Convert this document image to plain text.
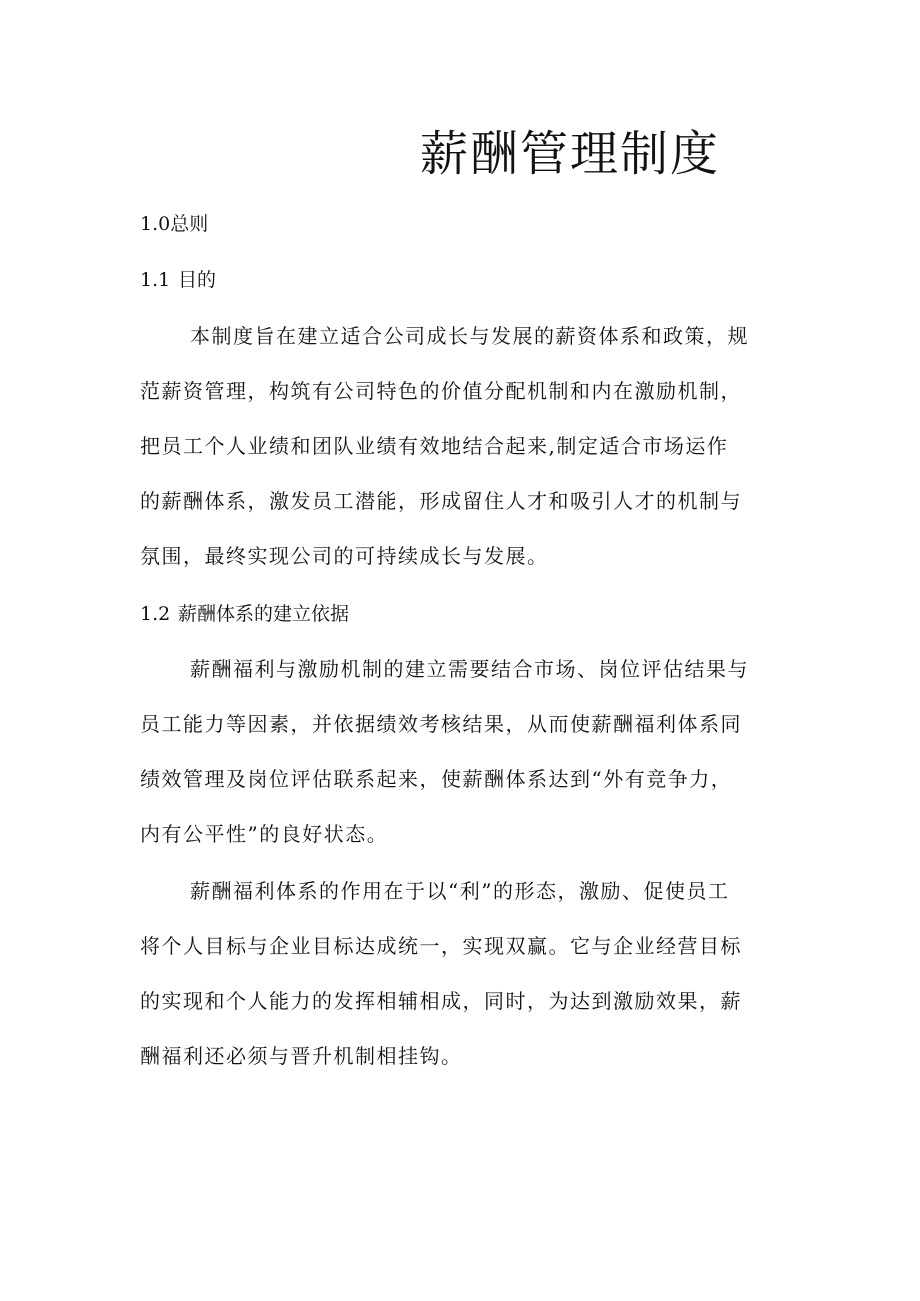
薪酬管理制度
1.0总则
1.1 目的
本制度旨在建立适合公司成长与发展的薪资体系和政策，规
范薪资管理，构筑有公司特色的价值分配机制和内在激励机制，
把员工个人业绩和团队业绩有效地结合起来,制定适合市场运作
的薪酬体系，激发员工潜能，形成留住人才和吸引人才的机制与
氛围，最终实现公司的可持续成长与发展。
1.2 薪酬体系的建立依据
薪酬福利与激励机制的建立需要结合市场、岗位评估结果与
员工能力等因素，并依据绩效考核结果，从而使薪酬福利体系同
绩效管理及岗位评估联系起来，使薪酬体系达到“外有竞争力，
内有公平性”的良好状态。
薪酬福利体系的作用在于以“利”的形态，激励、促使员工
将个人目标与企业目标达成统一，实现双赢。它与企业经营目标
的实现和个人能力的发挥相辅相成，同时，为达到激励效果，薪
酬福利还必须与晋升机制相挂钩。
